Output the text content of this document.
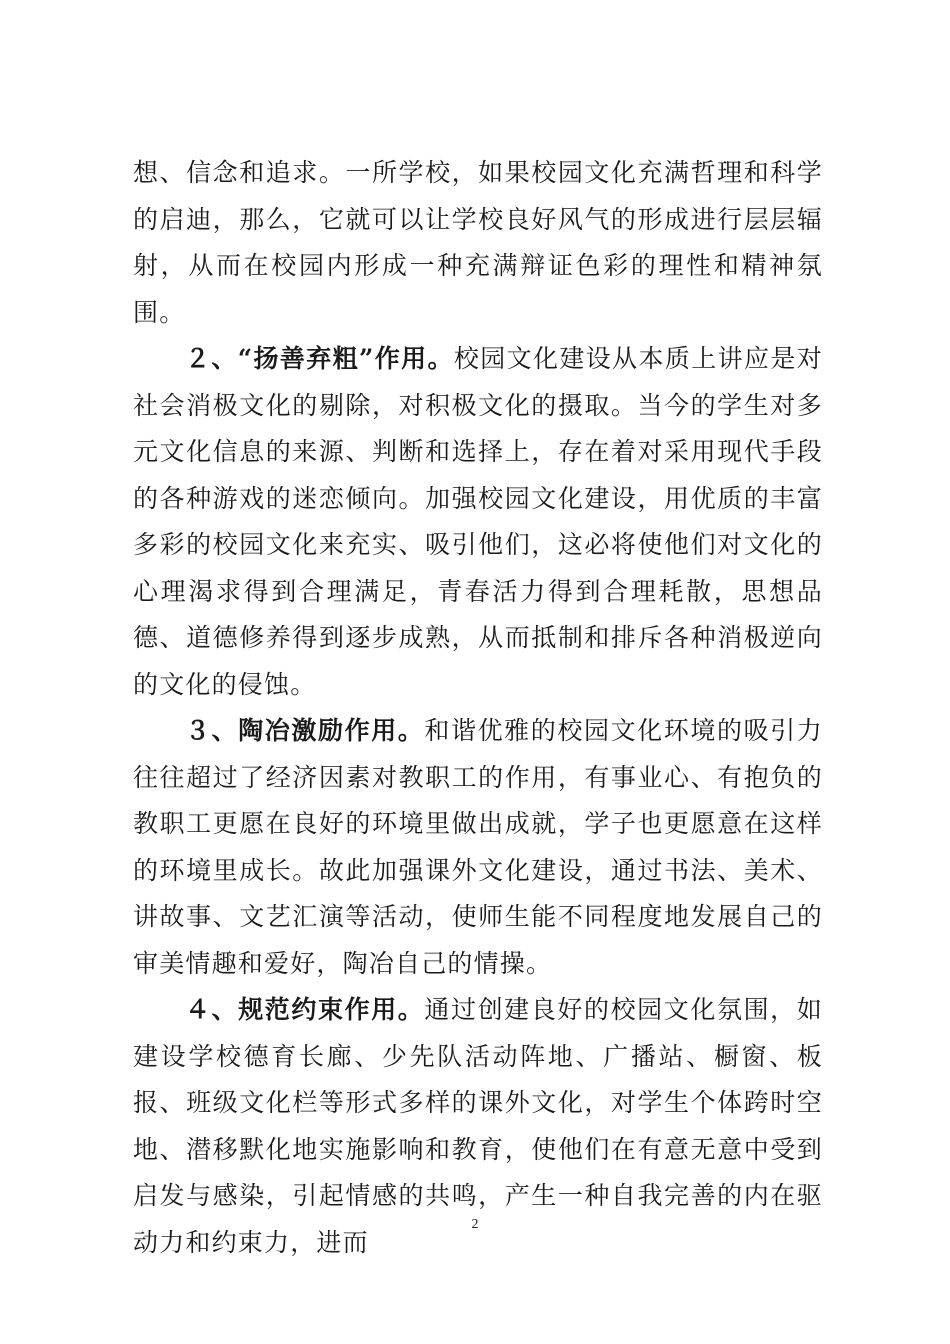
想、信念和追求。一所学校，如果校园文化充满哲理和科学的启迪，那么，它就可以让学校良好风气的形成进行层层辐射，从而在校园内形成一种充满辩证色彩的理性和精神氛围。

２、“扬善弃粗”作用。校园文化建设从本质上讲应是对社会消极文化的剔除，对积极文化的摄取。当今的学生对多元文化信息的来源、判断和选择上，存在着对采用现代手段的各种游戏的迷恋倾向。加强校园文化建设，用优质的丰富多彩的校园文化来充实、吸引他们，这必将使他们对文化的心理渴求得到合理满足，青春活力得到合理耗散，思想品德、道德修养得到逐步成熟，从而抵制和排斥各种消极逆向的文化的侵蚀。

３、陶冶激励作用。和谐优雅的校园文化环境的吸引力往往超过了经济因素对教职工的作用，有事业心、有抱负的教职工更愿在良好的环境里做出成就，学子也更愿意在这样的环境里成长。故此加强课外文化建设，通过书法、美术、讲故事、文艺汇演等活动，使师生能不同程度地发展自己的审美情趣和爱好，陶冶自己的情操。

４、规范约束作用。通过创建良好的校园文化氛围，如建设学校德育长廊、少先队活动阵地、广播站、橱窗、板报、班级文化栏等形式多样的课外文化，对学生个体跨时空地、潜移默化地实施影响和教育，使他们在有意无意中受到启发与感染，引起情感的共鸣，产生一种自我完善的内在驱动力和约束力，进而

2
